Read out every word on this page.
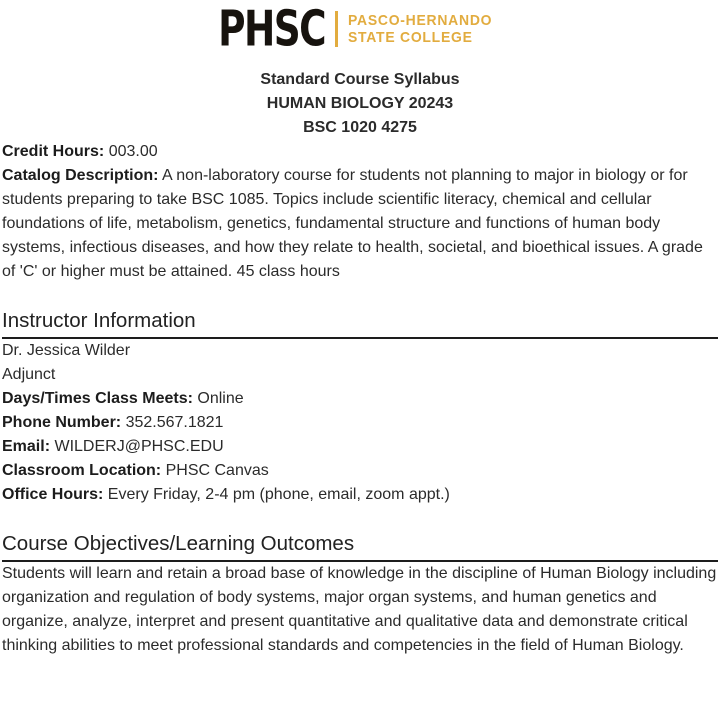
PHSC PASCO-HERNANDO
STATE COLLEGE
Standard Course Syllabus
HUMAN BIOLOGY 20243
BSC 1020 4275

Credit Hours: 003.00

Catalog Description: A non-laboratory course for students not planning to major in biology or for students preparing to take BSC 1085. Topics include scientific literacy, chemical and cellular foundations of life, metabolism, genetics, fundamental structure and functions of human body systems, infectious diseases, and how they relate to health, societal, and bioethical issues. A grade of 'C' or higher must be attained. 45 class hours

Instructor Information

Dr. Jessica Wilder
Adjunct
Days/Times Class Meets: Online
Phone Number: 352.567.1821
Email: WILDERJ@PHSC.EDU
Classroom Location: PHSC Canvas
Office Hours: Every Friday, 2-4 pm (phone, email, zoom appt.)

Course Objectives/Learning Outcomes

Students will learn and retain a broad base of knowledge in the discipline of Human Biology including organization and regulation of body systems, major organ systems, and human genetics and organize, analyze, interpret and present quantitative and qualitative data and demonstrate critical thinking abilities to meet professional standards and competencies in the field of Human Biology.
